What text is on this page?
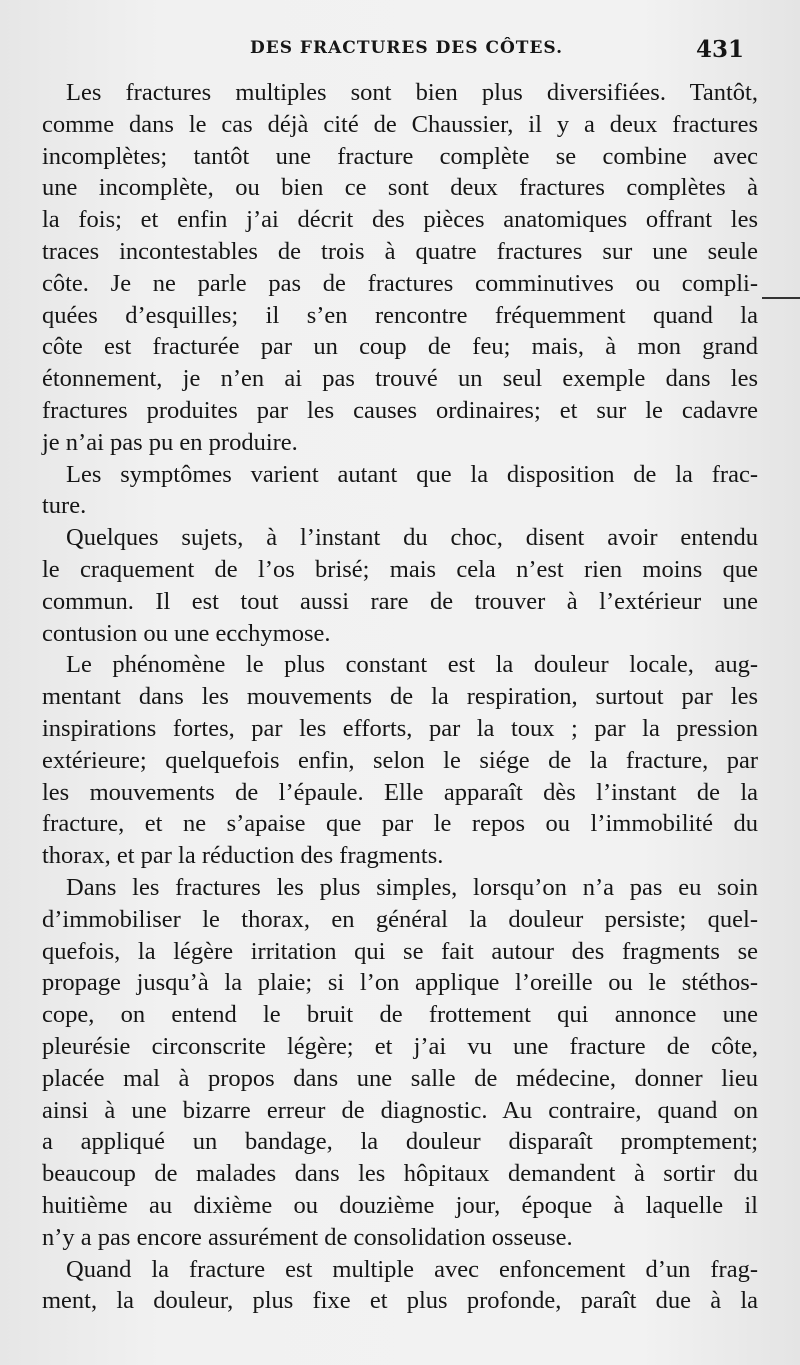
DES FRACTURES DES CÔTES.	431
Les fractures multiples sont bien plus diversifiées. Tantôt,
comme dans le cas déjà cité de Chaussier, il y a deux fractures
incomplètes; tantôt une fracture complète se combine avec
une incomplète, ou bien ce sont deux fractures complètes à
la fois; et enfin j’ai décrit des pièces anatomiques offrant les
traces incontestables de trois à quatre fractures sur une seule
côte. Je ne parle pas de fractures comminutives ou compli-
quées d’esquilles; il s’en rencontre fréquemment quand la
côte est fracturée par un coup de feu; mais, à mon grand
étonnement, je n’en ai pas trouvé un seul exemple dans les
fractures produites par les causes ordinaires; et sur le cadavre
je n’ai pas pu en produire.
Les symptômes varient autant que la disposition de la frac-
ture.
Quelques sujets, à l’instant du choc, disent avoir entendu
le craquement de l’os brisé; mais cela n’est rien moins que
commun. Il est tout aussi rare de trouver à l’extérieur une
contusion ou une ecchymose.
Le phénomène le plus constant est la douleur locale, aug-
mentant dans les mouvements de la respiration, surtout par les
inspirations fortes, par les efforts, par la toux ; par la pression
extérieure; quelquefois enfin, selon le siége de la fracture, par
les mouvements de l’épaule. Elle apparaît dès l’instant de la
fracture, et ne s’apaise que par le repos ou l’immobilité du
thorax, et par la réduction des fragments.
Dans les fractures les plus simples, lorsqu’on n’a pas eu soin
d’immobiliser le thorax, en général la douleur persiste; quel-
quefois, la légère irritation qui se fait autour des fragments se
propage jusqu’à la plaie; si l’on applique l’oreille ou le stéthos-
cope, on entend le bruit de frottement qui annonce une
pleurésie circonscrite légère; et j’ai vu une fracture de côte,
placée mal à propos dans une salle de médecine, donner lieu
ainsi à une bizarre erreur de diagnostic. Au contraire, quand on
a appliqué un bandage, la douleur disparaît promptement;
beaucoup de malades dans les hôpitaux demandent à sortir du
huitième au dixième ou douzième jour, époque à laquelle il
n’y a pas encore assurément de consolidation osseuse.
Quand la fracture est multiple avec enfoncement d’un frag-
ment, la douleur, plus fixe et plus profonde, paraît due à la
